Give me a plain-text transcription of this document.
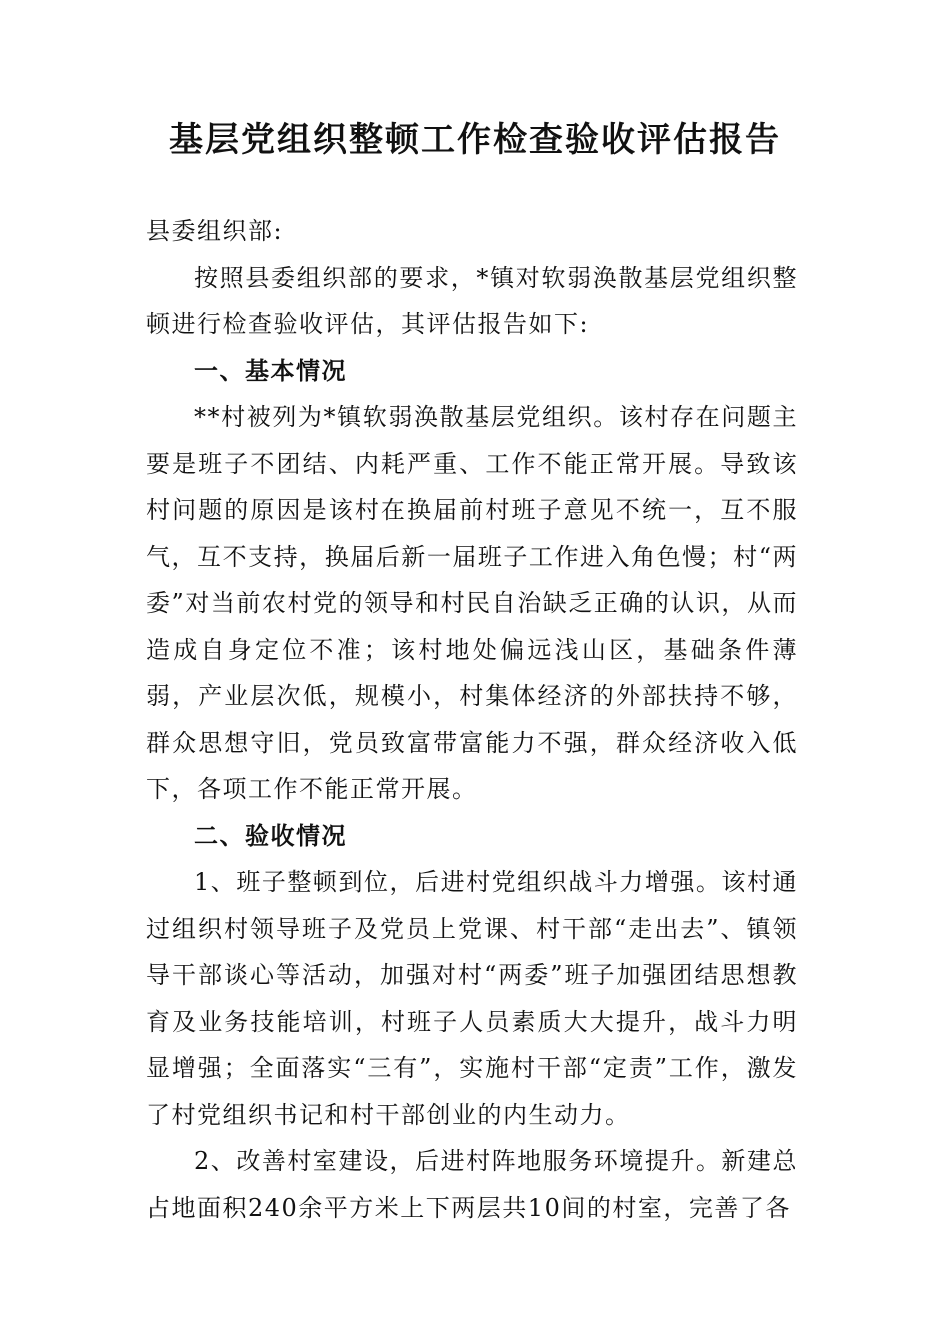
基层党组织整顿工作检查验收评估报告

县委组织部:

按照县委组织部的要求，*镇对软弱涣散基层党组织整顿进行检查验收评估，其评估报告如下:

一、基本情况

**村被列为*镇软弱涣散基层党组织。该村存在问题主要是班子不团结、内耗严重、工作不能正常开展。导致该村问题的原因是该村在换届前村班子意见不统一，互不服气，互不支持，换届后新一届班子工作进入角色慢；村“两委”对当前农村党的领导和村民自治缺乏正确的认识，从而造成自身定位不准；该村地处偏远浅山区，基础条件薄弱，产业层次低，规模小，村集体经济的外部扶持不够，群众思想守旧，党员致富带富能力不强，群众经济收入低下，各项工作不能正常开展。

二、验收情况

1、班子整顿到位，后进村党组织战斗力增强。该村通过组织村领导班子及党员上党课、村干部“走出去”、镇领导干部谈心等活动，加强对村“两委”班子加强团结思想教育及业务技能培训，村班子人员素质大大提升，战斗力明显增强；全面落实“三有”，实施村干部“定责”工作，激发了村党组织书记和村干部创业的内生动力。

2、改善村室建设，后进村阵地服务环境提升。新建总占地面积240余平方米上下两层共10间的村室，完善了各
